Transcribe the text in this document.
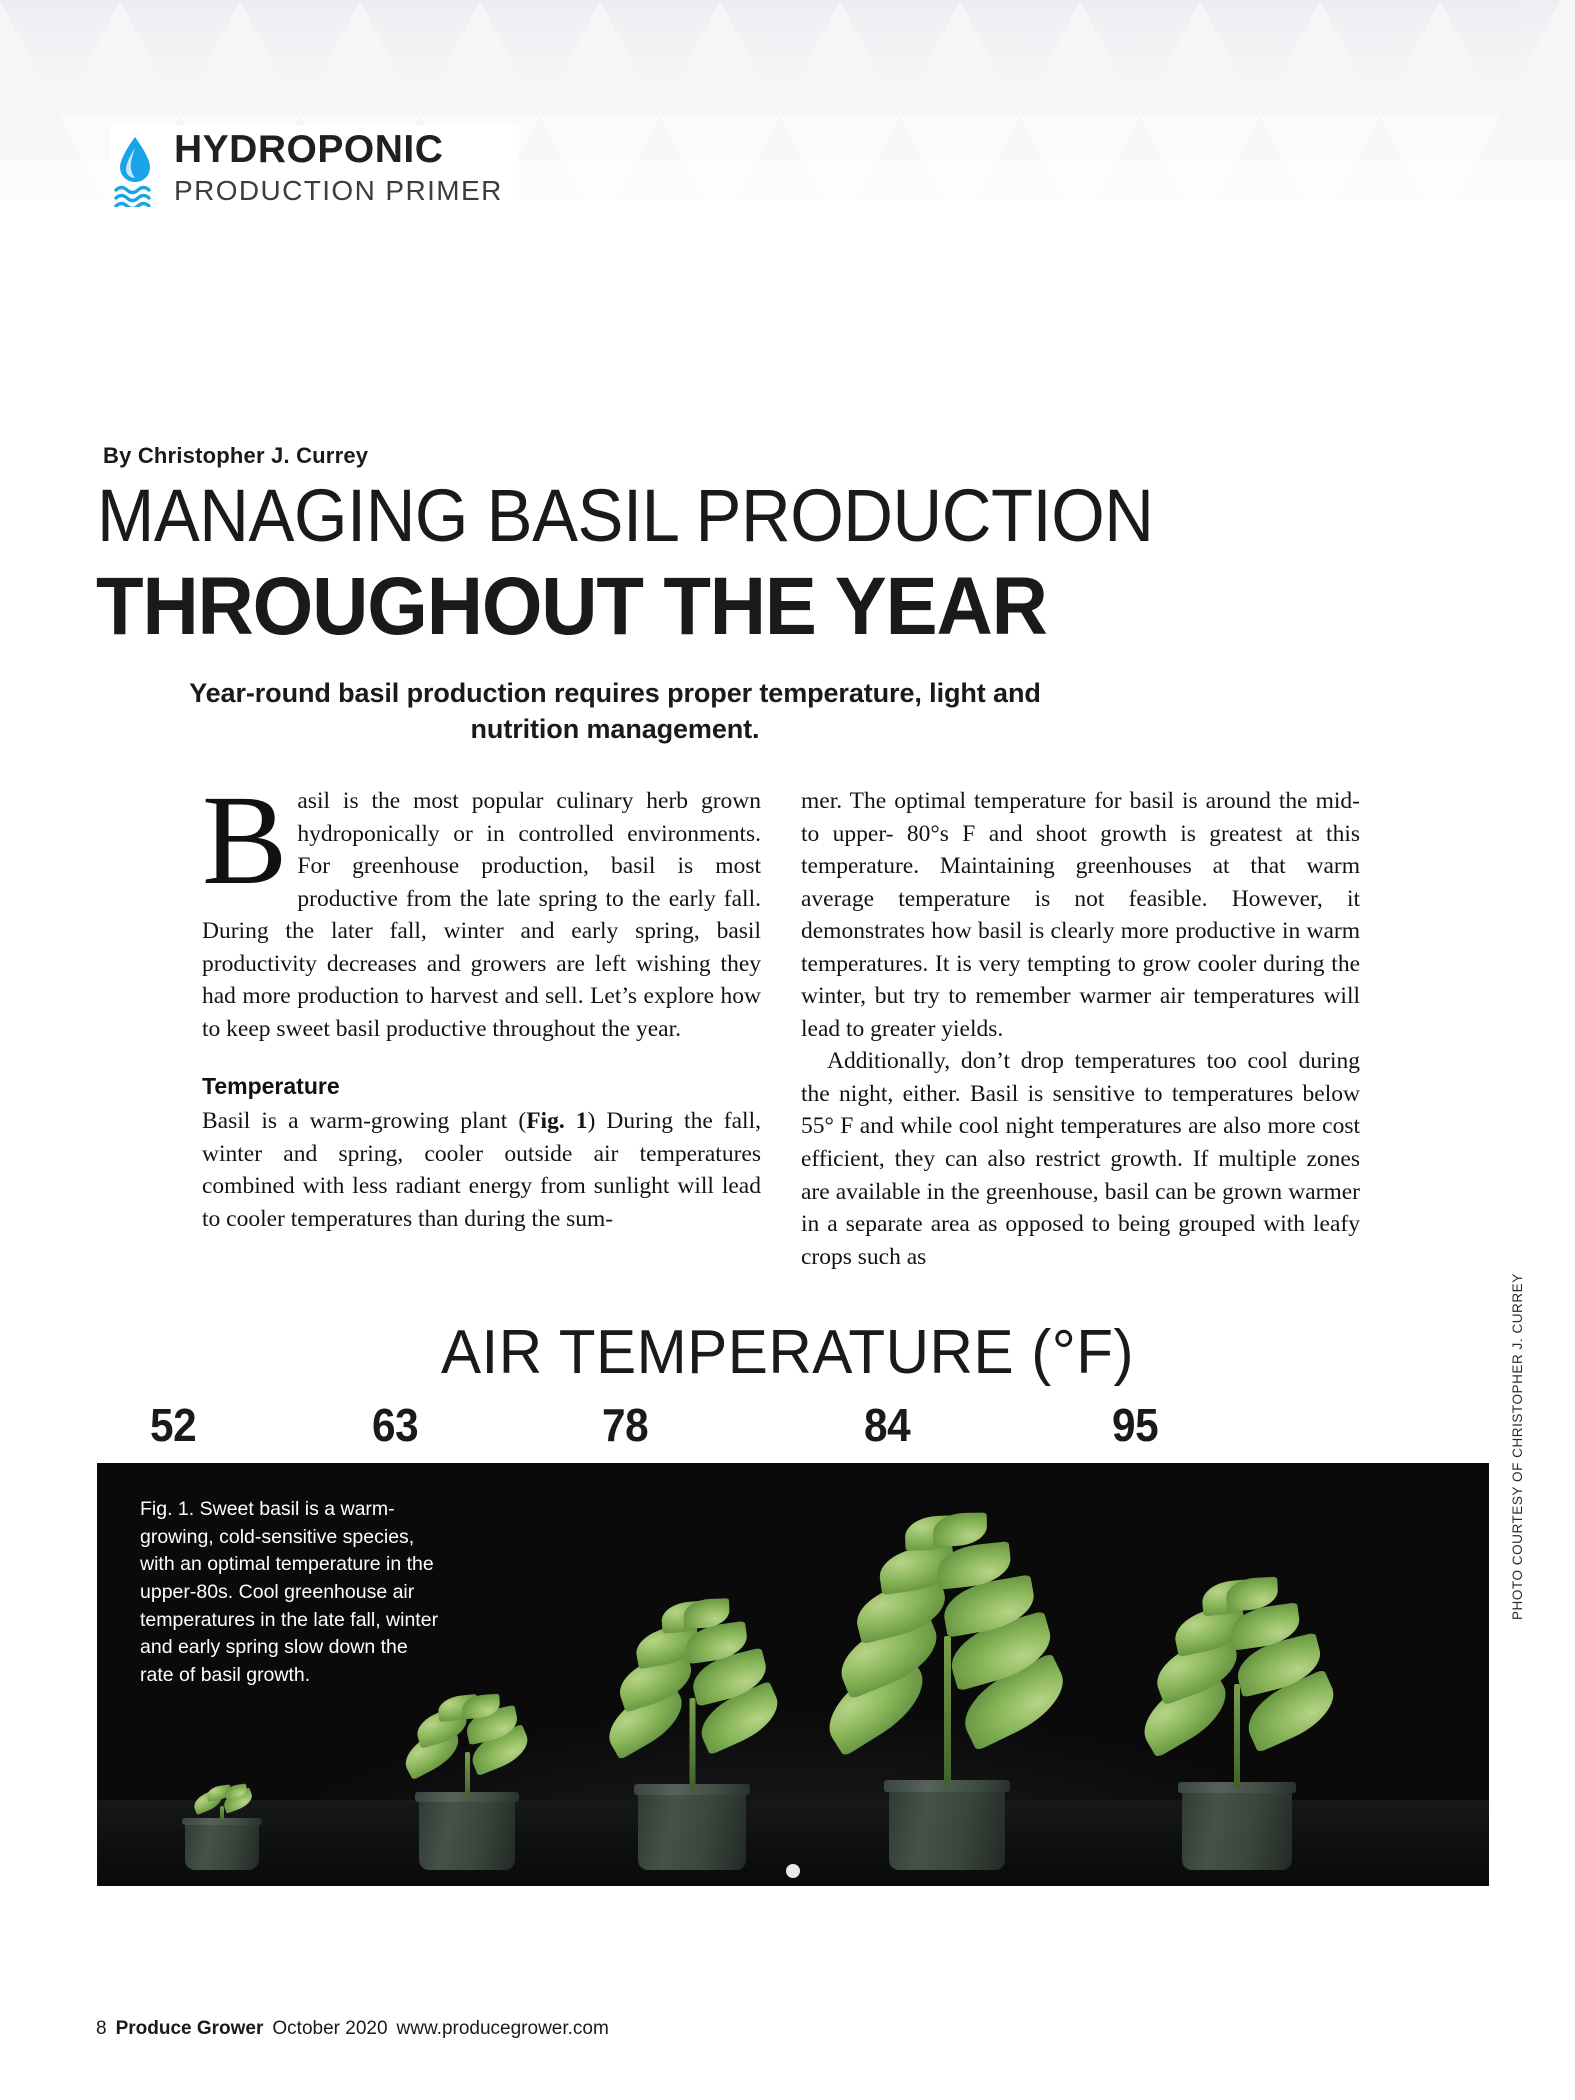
HYDROPONIC
PRODUCTION PRIMER
By Christopher J. Currey
MANAGING BASIL PRODUCTION
THROUGHOUT THE YEAR
Year-round basil production requires proper temperature, light and nutrition management.

Basil is the most popular culinary herb grown hydroponically or in controlled environments. For greenhouse production, basil is most productive from the late spring to the early fall. During the later fall, winter and early spring, basil productivity decreases and growers are left wishing they had more production to harvest and sell. Let’s explore how to keep sweet basil productive throughout the year.

Temperature

Basil is a warm-growing plant (Fig. 1) During the fall, winter and spring, cooler outside air temperatures combined with less radiant energy from sunlight will lead to cooler temperatures than during the sum-

mer. The optimal temperature for basil is around the mid- to upper- 80°s F and shoot growth is greatest at this temperature. Maintaining greenhouses at that warm average temperature is not feasible. However, it demonstrates how basil is clearly more productive in warm temperatures. It is very tempting to grow cooler during the winter, but try to remember warmer air temperatures will lead to greater yields.

Additionally, don’t drop temperatures too cool during the night, either. Basil is sensitive to temperatures below 55° F and while cool night temperatures are also more cost efficient, they can also restrict growth. If multiple zones are available in the greenhouse, basil can be grown warmer in a separate area as opposed to being grouped with leafy crops such as

AIR TEMPERATURE (°F)
52	63	78	84	95
Fig. 1. Sweet basil is a warm-growing, cold-sensitive species, with an optimal temperature in the upper-80s. Cool greenhouse air temperatures in the late fall, winter and early spring slow down the rate of basil growth.
PHOTO COURTESY OF CHRISTOPHER J. CURREY
8 Produce Grower October 2020 www.producegrower.com
